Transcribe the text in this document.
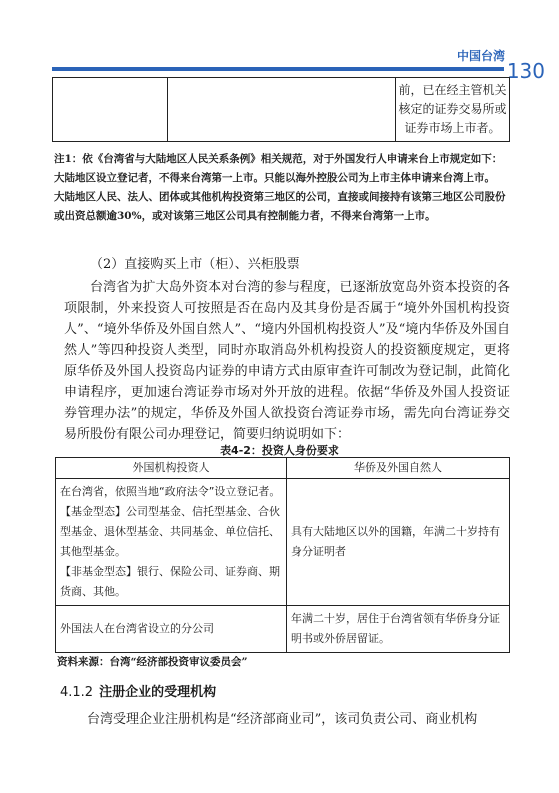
中国台湾
130
		前，已在经主管机关核定的证券交易所或证券市场上市者。

注1：依《台湾省与大陆地区人民关系条例》相关规范，对于外国发行人申请来台上市规定如下：

大陆地区设立登记者，不得来台湾第一上市。只能以海外控股公司为上市主体申请来台湾上市。

大陆地区人民、法人、团体或其他机构投资第三地区的公司，直接或间接持有该第三地区公司股份或出资总额逾30%，或对该第三地区公司具有控制能力者，不得来台湾第一上市。

（2）直接购买上市（柜）、兴柜股票

台湾省为扩大岛外资本对台湾的参与程度，已逐渐放宽岛外资本投资的各项限制，外来投资人可按照是否在岛内及其身份是否属于“境外外国机构投资人”、“境外华侨及外国自然人”、“境内外国机构投资人”及“境内华侨及外国自然人”等四种投资人类型，同时亦取消岛外机构投资人的投资额度规定，更将原华侨及外国人投资岛内证券的申请方式由原审查许可制改为登记制，此简化申请程序，更加速台湾证券市场对外开放的进程。依据“华侨及外国人投资证券管理办法”的规定，华侨及外国人欲投资台湾证券市场，需先向台湾证券交易所股份有限公司办理登记，简要归纳说明如下：

表4-2：投资人身份要求
外国机构投资人	华侨及外国自然人

在台湾省，依照当地“政府法令”设立登记者。

【基金型态】公司型基金、信托型基金、合伙型基金、退休型基金、共同基金、单位信托、其他型基金。

【非基金型态】银行、保险公司、证券商、期货商、其他。	具有大陆地区以外的国籍，年满二十岁持有身分证明者
外国法人在台湾省设立的分公司	年满二十岁，居住于台湾省领有华侨身分证明书或外侨居留证。
资料来源：台湾“经济部投资审议委员会”
4.1.2 注册企业的受理机构

台湾受理企业注册机构是“经济部商业司”，该司负责公司、商业机构
